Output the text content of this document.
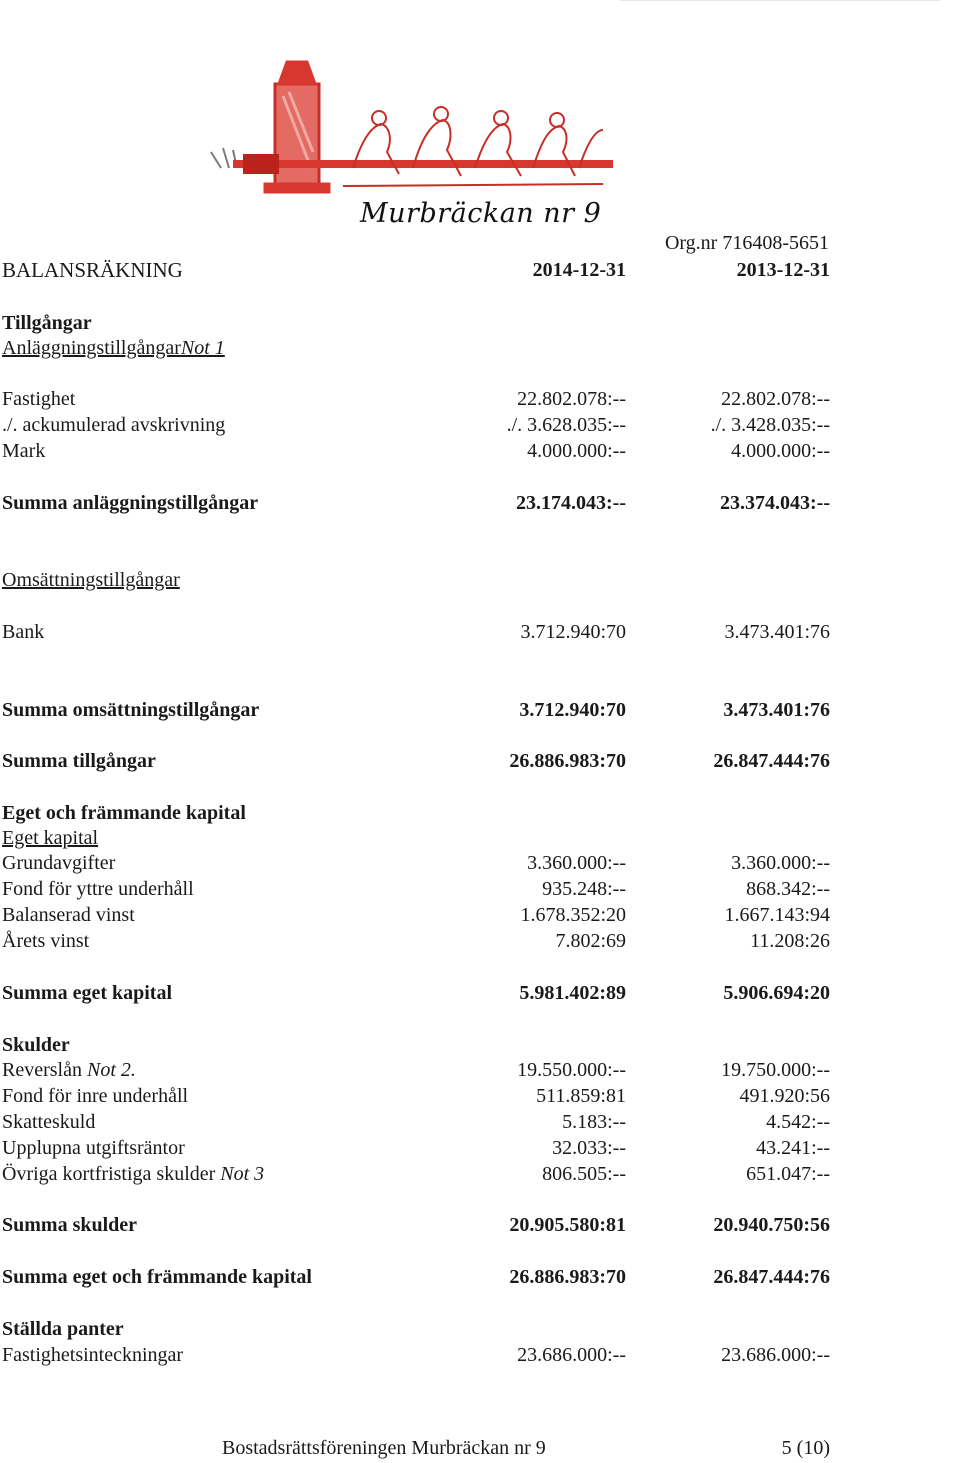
Murbräckan nr 9
Org.nr 716408-5651
BALANSRÄKNING	2014-12-31	2013-12-31
Tillgångar
AnläggningstillgångarNot 1
Fastighet	22.802.078:--	22.802.078:--
./. ackumulerad avskrivning	./. 3.628.035:--	./. 3.428.035:--
Mark	4.000.000:--	4.000.000:--
Summa anläggningstillgångar	23.174.043:--	23.374.043:--
Omsättningstillgångar
Bank	3.712.940:70	3.473.401:76
Summa omsättningstillgångar	3.712.940:70	3.473.401:76
Summa tillgångar	26.886.983:70	26.847.444:76
Eget och främmande kapital
Eget kapital
Grundavgifter	3.360.000:--	3.360.000:--
Fond för yttre underhåll	935.248:--	868.342:--
Balanserad vinst	1.678.352:20	1.667.143:94
Årets vinst	7.802:69	11.208:26
Summa eget kapital	5.981.402:89	5.906.694:20
Skulder
Reverslån Not 2.	19.550.000:--	19.750.000:--
Fond för inre underhåll	511.859:81	491.920:56
Skatteskuld	5.183:--	4.542:--
Upplupna utgiftsräntor	32.033:--	43.241:--
Övriga kortfristiga skulder Not 3	806.505:--	651.047:--
Summa skulder	20.905.580:81	20.940.750:56
Summa eget och främmande kapital	26.886.983:70	26.847.444:76
Ställda panter
Fastighetsinteckningar	23.686.000:--	23.686.000:--
Bostadsrättsföreningen Murbräckan nr 9	5 (10)
